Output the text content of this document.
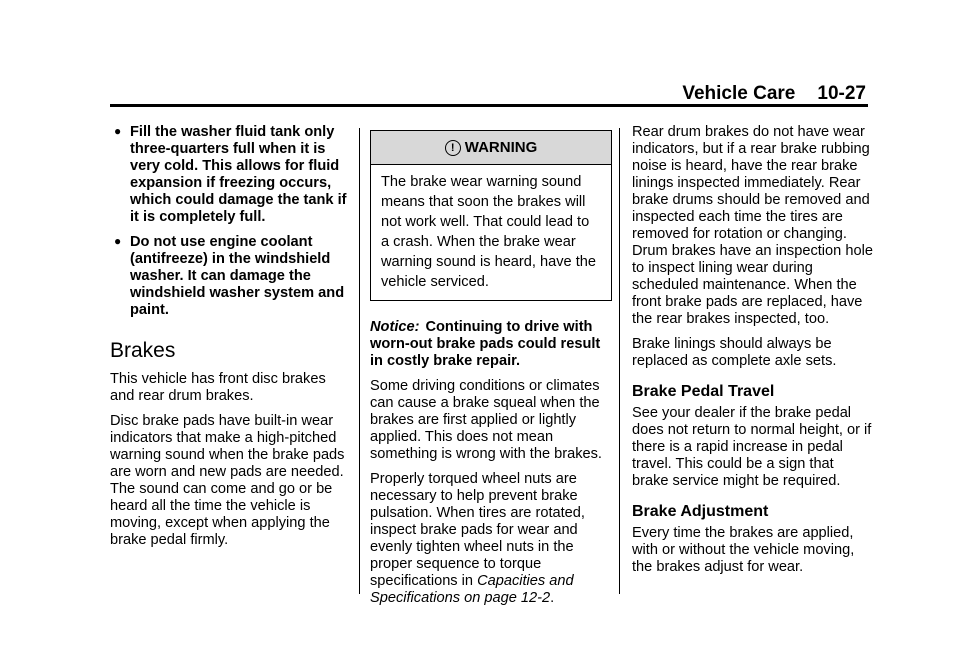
Vehicle Care 10-27
● Fill the washer fluid tank only three-quarters full when it is very cold. This allows for fluid expansion if freezing occurs, which could damage the tank if it is completely full.
● Do not use engine coolant (antifreeze) in the windshield washer. It can damage the windshield washer system and paint.
Brakes

This vehicle has front disc brakes and rear drum brakes.

Disc brake pads have built-in wear indicators that make a high-pitched warning sound when the brake pads are worn and new pads are needed. The sound can come and go or be heard all the time the vehicle is moving, except when applying the brake pedal firmly.

! WARNING
The brake wear warning sound means that soon the brakes will not work well. That could lead to a crash. When the brake wear warning sound is heard, have the vehicle serviced.

Notice: Continuing to drive with worn-out brake pads could result in costly brake repair.

Some driving conditions or climates can cause a brake squeal when the brakes are first applied or lightly applied. This does not mean something is wrong with the brakes.

Properly torqued wheel nuts are necessary to help prevent brake pulsation. When tires are rotated, inspect brake pads for wear and evenly tighten wheel nuts in the proper sequence to torque specifications in Capacities and Specifications on page 12-2.

Rear drum brakes do not have wear indicators, but if a rear brake rubbing noise is heard, have the rear brake linings inspected immediately. Rear brake drums should be removed and inspected each time the tires are removed for rotation or changing. Drum brakes have an inspection hole to inspect lining wear during scheduled maintenance. When the front brake pads are replaced, have the rear brakes inspected, too.

Brake linings should always be replaced as complete axle sets.

Brake Pedal Travel

See your dealer if the brake pedal does not return to normal height, or if there is a rapid increase in pedal travel. This could be a sign that brake service might be required.

Brake Adjustment

Every time the brakes are applied, with or without the vehicle moving, the brakes adjust for wear.
